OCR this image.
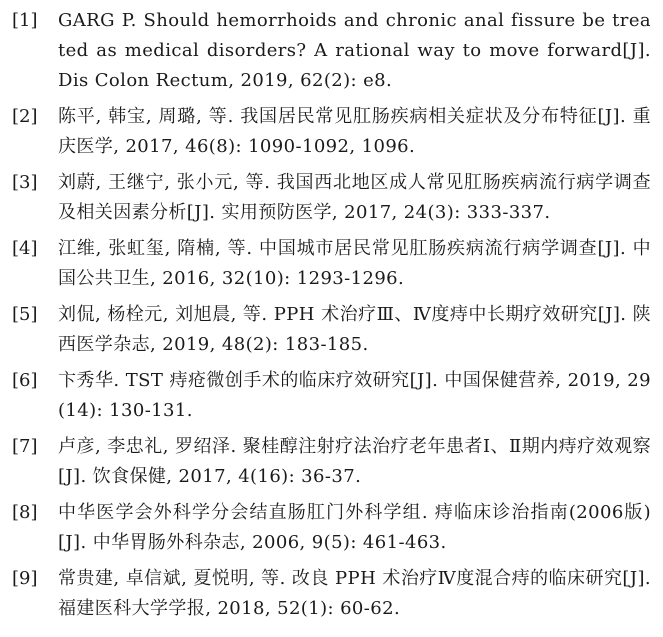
[1]	GARG P. Should hemorrhoids and chronic anal fissure be treated as medical disorders? A rational way to move forward[J]. Dis Colon Rectum, 2019, 62(2): e8.
[2]	陈平, 韩宝, 周璐, 等. 我国居民常见肛肠疾病相关症状及分布特征[J]. 重庆医学, 2017, 46(8): 1090-1092, 1096.
[3]	刘蔚, 王继宁, 张小元, 等. 我国西北地区成人常见肛肠疾病流行病学调查及相关因素分析[J]. 实用预防医学, 2017, 24(3): 333-337.
[4]	江维, 张虹玺, 隋楠, 等. 中国城市居民常见肛肠疾病流行病学调查[J]. 中国公共卫生, 2016, 32(10): 1293-1296.
[5]	刘侃, 杨栓元, 刘旭晨, 等. PPH 术治疗Ⅲ、Ⅳ度痔中长期疗效研究[J]. 陕西医学杂志, 2019, 48(2): 183-185.
[6]	卞秀华. TST 痔疮微创手术的临床疗效研究[J]. 中国保健营养, 2019, 29(14): 130-131.
[7]	卢彦, 李忠礼, 罗绍泽. 聚桂醇注射疗法治疗老年患者Ⅰ、Ⅱ期内痔疗效观察[J]. 饮食保健, 2017, 4(16): 36-37.
[8]	中华医学会外科学分会结直肠肛门外科学组. 痔临床诊治指南(2006版)[J]. 中华胃肠外科杂志, 2006, 9(5): 461-463.
[9]	常贵建, 卓信斌, 夏悦明, 等. 改良 PPH 术治疗Ⅳ度混合痔的临床研究[J]. 福建医科大学学报, 2018, 52(1): 60-62.
